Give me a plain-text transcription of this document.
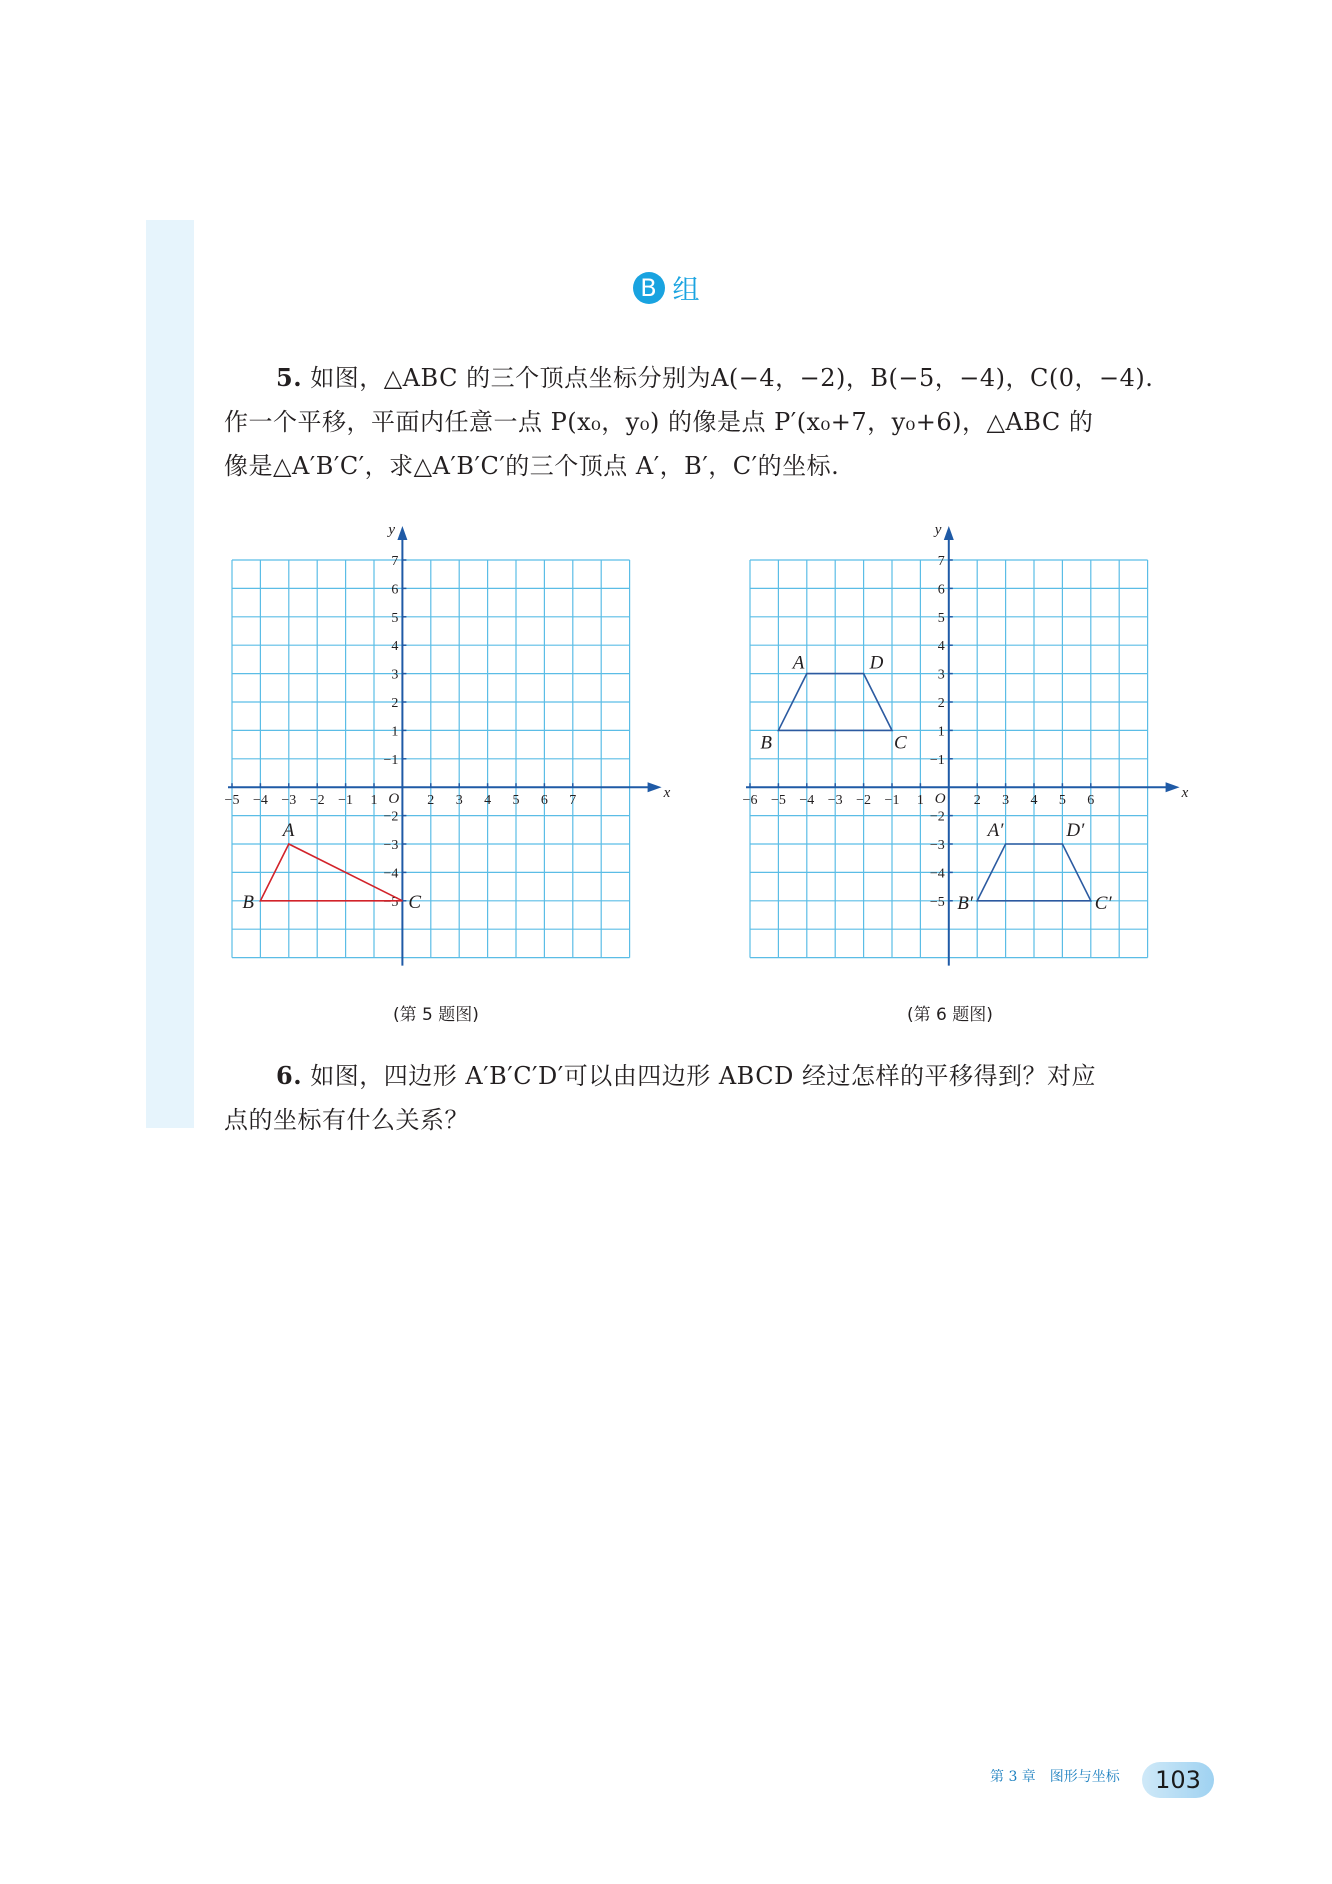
B 组
5. 如图，△ABC 的三个顶点坐标分别为A(−4，−2)，B(−5，−4)，C(0，−4).
作一个平移，平面内任意一点 P(x₀，y₀) 的像是点 P′(x₀+7，y₀+6)，△ABC 的
像是△A′B′C′，求△A′B′C′的三个顶点 A′，B′，C′的坐标.
x
y
O
−5 −4 −3 −2 −1 1	2 3 4 5 6 7
7
6
5
4
3
2
1
−1
−2
−3
−4
−5
A
B	C
(第 5 题图)
x
y
O
−6 −5 −4 −3 −2 −1 1	2 3 4 5 6
7
6
5
4
3
2
1
−1
−2
−3
−4
−5
A	D
C
B
A′	D′
C′
B′
(第 6 题图)
6. 如图，四边形 A′B′C′D′可以由四边形 ABCD 经过怎样的平移得到？对应
点的坐标有什么关系？
第 3 章　图形与坐标 103
